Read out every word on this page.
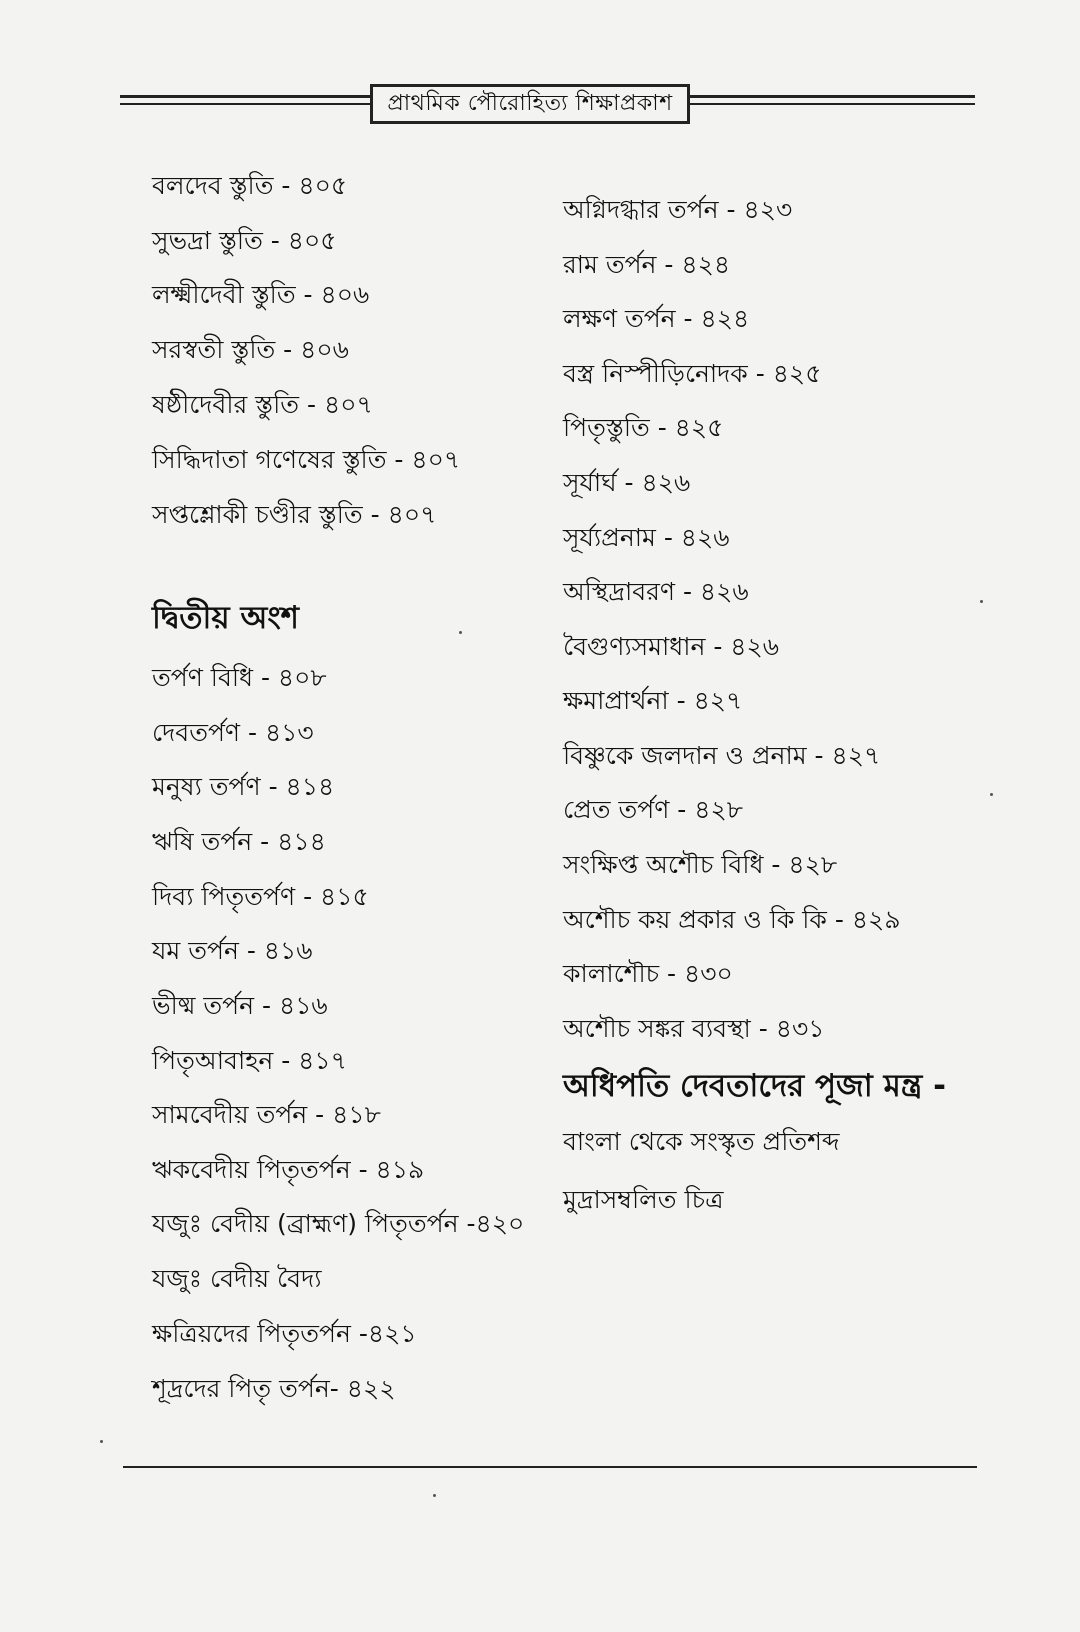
প্রাথমিক পৌরোহিত্য শিক্ষাপ্রকাশ
বলদেব স্তুতি - ৪০৫
সুভদ্রা স্তুতি - ৪০৫
লক্ষ্মীদেবী স্তুতি - ৪০৬
সরস্বতী স্তুতি - ৪০৬
ষষ্ঠীদেবীর স্তুতি - ৪০৭
সিদ্ধিদাতা গণেষের স্তুতি - ৪০৭
সপ্তশ্লোকী চণ্ডীর স্তুতি - ৪০৭
দ্বিতীয় অংশ
তর্পণ বিধি - ৪০৮
দেবতর্পণ - ৪১৩
মনুষ্য তর্পণ - ৪১৪
ঋষি তর্পন - ৪১৪
দিব্য পিতৃতর্পণ - ৪১৫
যম তর্পন - ৪১৬
ভীষ্ম তর্পন - ৪১৬
পিতৃআবাহন - ৪১৭
সামবেদীয় তর্পন - ৪১৮
ঋকবেদীয় পিতৃতর্পন - ৪১৯
যজুঃ বেদীয় (ব্রাহ্মণ) পিতৃতর্পন -৪২০
যজুঃ বেদীয় বৈদ্য
ক্ষত্রিয়দের পিতৃতর্পন -৪২১
শূদ্রদের পিতৃ তর্পন- ৪২২
অগ্নিদগ্ধার তর্পন - ৪২৩
রাম তর্পন - ৪২৪
লক্ষণ তর্পন - ৪২৪
বস্ত্র নিস্পীড়িনোদক - ৪২৫
পিতৃস্তুতি - ৪২৫
সূর্যার্ঘ - ৪২৬
সূর্য্যপ্রনাম - ৪২৬
অস্থিদ্রাবরণ - ৪২৬
বৈগুণ্যসমাধান - ৪২৬
ক্ষমাপ্রার্থনা - ৪২৭
বিষ্ণুকে জলদান ও প্রনাম - ৪২৭
প্রেত তর্পণ - ৪২৮
সংক্ষিপ্ত অশৌচ বিধি - ৪২৮
অশৌচ কয় প্রকার ও কি কি - ৪২৯
কালাশৌচ - ৪৩০
অশৌচ সঙ্কর ব্যবস্থা - ৪৩১
অধিপতি দেবতাদের পূজা মন্ত্র -
বাংলা থেকে সংস্কৃত প্রতিশব্দ
মুদ্রাসম্বলিত চিত্র
